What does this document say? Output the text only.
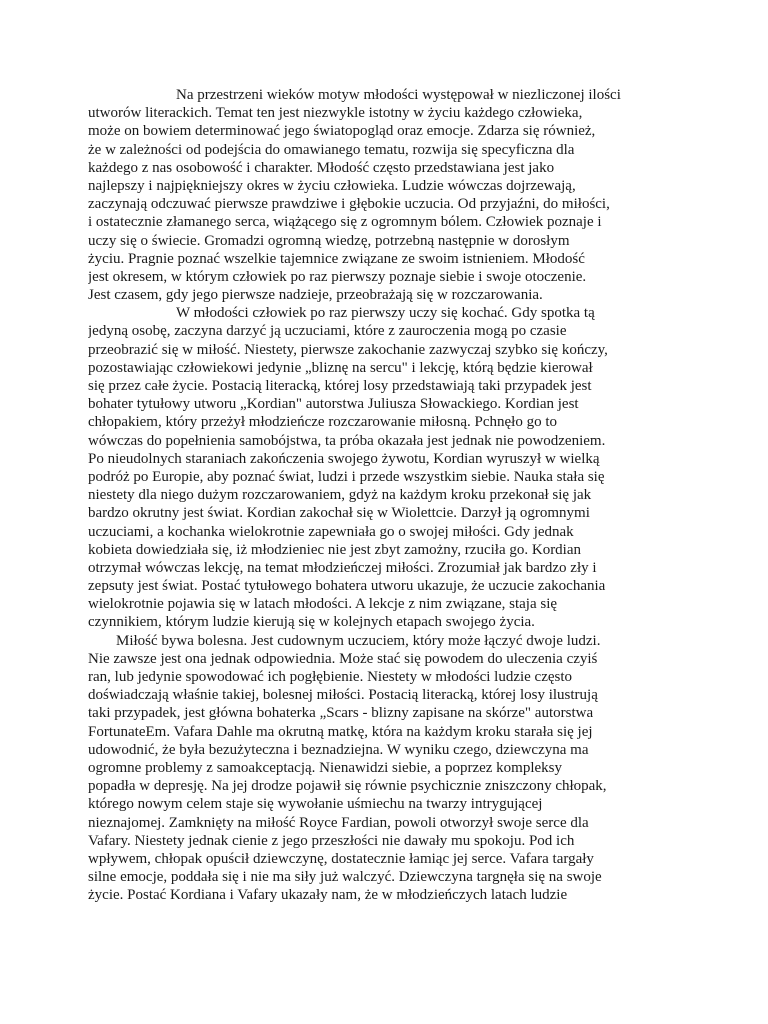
Na przestrzeni wieków motyw młodości występował w niezliczonej ilości
utworów literackich. Temat ten jest niezwykle istotny w życiu każdego człowieka,
może on bowiem determinować jego światopogląd oraz emocje. Zdarza się również,
że w zależności od podejścia do omawianego tematu, rozwija się specyficzna dla
każdego z nas osobowość i charakter. Młodość często przedstawiana jest jako
najlepszy i najpiękniejszy okres w życiu człowieka. Ludzie wówczas dojrzewają,
zaczynają odczuwać pierwsze prawdziwe i głębokie uczucia. Od przyjaźni, do miłości,
i ostatecznie złamanego serca, wiążącego się z ogromnym bólem. Człowiek poznaje i
uczy się o świecie. Gromadzi ogromną wiedzę, potrzebną następnie w dorosłym
życiu. Pragnie poznać wszelkie tajemnice związane ze swoim istnieniem. Młodość
jest okresem, w którym człowiek po raz pierwszy poznaje siebie i swoje otoczenie.
Jest czasem, gdy jego pierwsze nadzieje, przeobrażają się w rozczarowania.
W młodości człowiek po raz pierwszy uczy się kochać. Gdy spotka tą
jedyną osobę, zaczyna darzyć ją uczuciami, które z zauroczenia mogą po czasie
przeobrazić się w miłość. Niestety, pierwsze zakochanie zazwyczaj szybko się kończy,
pozostawiając człowiekowi jedynie „bliznę na sercu" i lekcję, którą będzie kierował
się przez całe życie. Postacią literacką, której losy przedstawiają taki przypadek jest
bohater tytułowy utworu „Kordian" autorstwa Juliusza Słowackiego. Kordian jest
chłopakiem, który przeżył młodzieńcze rozczarowanie miłosną. Pchnęło go to
wówczas do popełnienia samobójstwa, ta próba okazała jest jednak nie powodzeniem.
Po nieudolnych staraniach zakończenia swojego żywotu, Kordian wyruszył w wielką
podróż po Europie, aby poznać świat, ludzi i przede wszystkim siebie. Nauka stała się
niestety dla niego dużym rozczarowaniem, gdyż na każdym kroku przekonał się jak
bardzo okrutny jest świat. Kordian zakochał się w Wiolettcie. Darzył ją ogromnymi
uczuciami, a kochanka wielokrotnie zapewniała go o swojej miłości. Gdy jednak
kobieta dowiedziała się, iż młodzieniec nie jest zbyt zamożny, rzuciła go. Kordian
otrzymał wówczas lekcję, na temat młodzieńczej miłości. Zrozumiał jak bardzo zły i
zepsuty jest świat. Postać tytułowego bohatera utworu ukazuje, że uczucie zakochania
wielokrotnie pojawia się w latach młodości. A lekcje z nim związane, staja się
czynnikiem, którym ludzie kierują się w kolejnych etapach swojego życia.
Miłość bywa bolesna. Jest cudownym uczuciem, który może łączyć dwoje ludzi.
Nie zawsze jest ona jednak odpowiednia. Może stać się powodem do uleczenia czyiś
ran, lub jedynie spowodować ich pogłębienie. Niestety w młodości ludzie często
doświadczają właśnie takiej, bolesnej miłości. Postacią literacką, której losy ilustrują
taki przypadek, jest główna bohaterka „Scars - blizny zapisane na skórze" autorstwa
FortunateEm. Vafara Dahle ma okrutną matkę, która na każdym kroku starała się jej
udowodnić, że była bezużyteczna i beznadziejna. W wyniku czego, dziewczyna ma
ogromne problemy z samoakceptacją. Nienawidzi siebie, a poprzez kompleksy
popadła w depresję. Na jej drodze pojawił się równie psychicznie zniszczony chłopak,
którego nowym celem staje się wywołanie uśmiechu na twarzy intrygującej
nieznajomej. Zamknięty na miłość Royce Fardian, powoli otworzył swoje serce dla
Vafary. Niestety jednak cienie z jego przeszłości nie dawały mu spokoju. Pod ich
wpływem, chłopak opuścił dziewczynę, dostatecznie łamiąc jej serce. Vafara targały
silne emocje, poddała się i nie ma siły już walczyć. Dziewczyna targnęła się na swoje
życie. Postać Kordiana i Vafary ukazały nam, że w młodzieńczych latach ludzie
